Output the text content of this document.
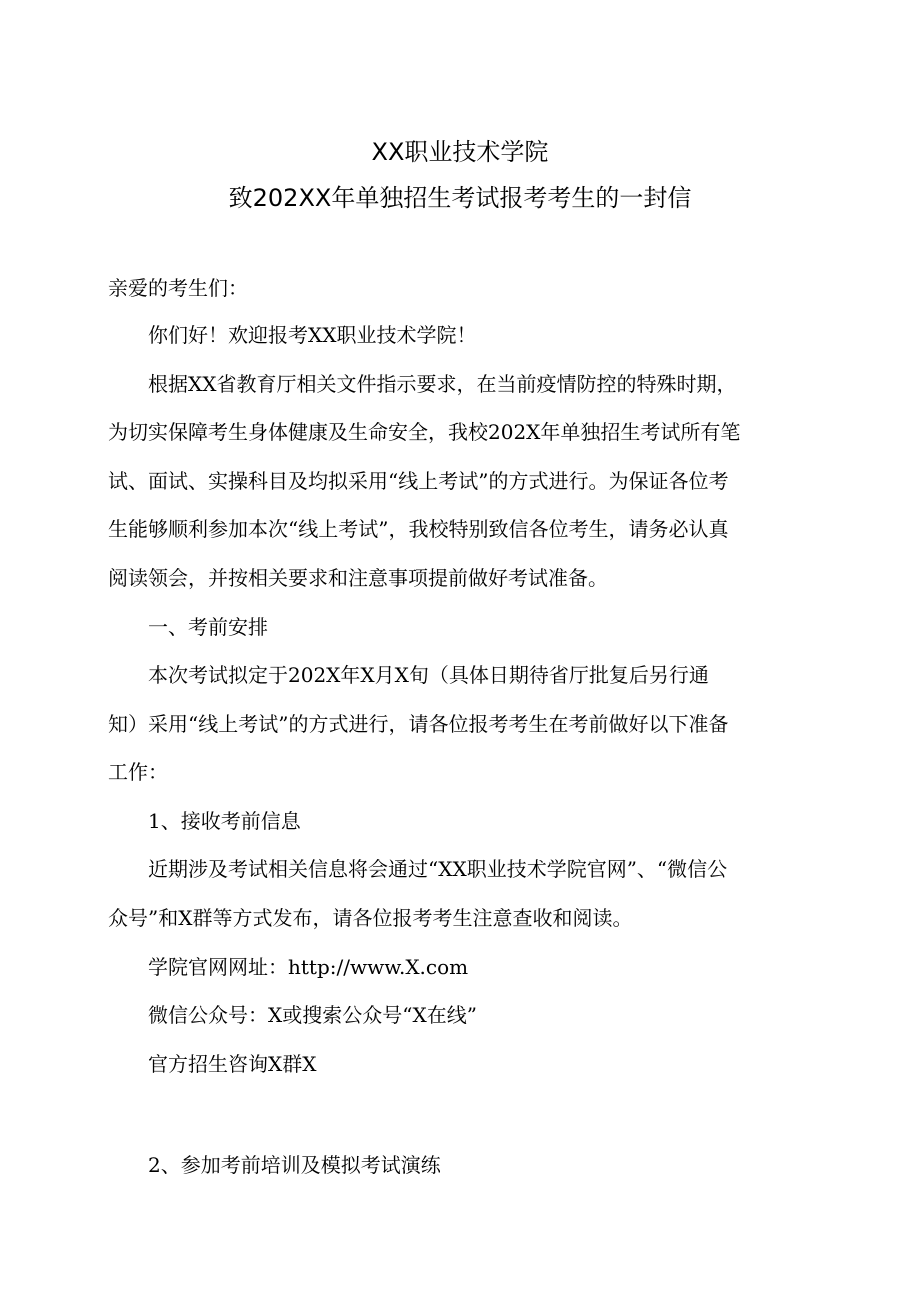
XX职业技术学院
致202XX年单独招生考试报考考生的一封信
亲爱的考生们：
你们好！欢迎报考XX职业技术学院！
根据XX省教育厅相关文件指示要求，在当前疫情防控的特殊时期，
为切实保障考生身体健康及生命安全，我校202X年单独招生考试所有笔
试、面试、实操科目及均拟采用“线上考试”的方式进行。为保证各位考
生能够顺利参加本次“线上考试”，我校特别致信各位考生，请务必认真
阅读领会，并按相关要求和注意事项提前做好考试准备。
一、考前安排
本次考试拟定于202X年X月X旬（具体日期待省厅批复后另行通
知）采用“线上考试”的方式进行，请各位报考考生在考前做好以下准备
工作：
1、接收考前信息
近期涉及考试相关信息将会通过“XX职业技术学院官网”、“微信公
众号”和X群等方式发布，请各位报考考生注意查收和阅读。
学院官网网址：http://www.X.com
微信公众号：X或搜索公众号“X在线”
官方招生咨询X群X
2、参加考前培训及模拟考试演练
